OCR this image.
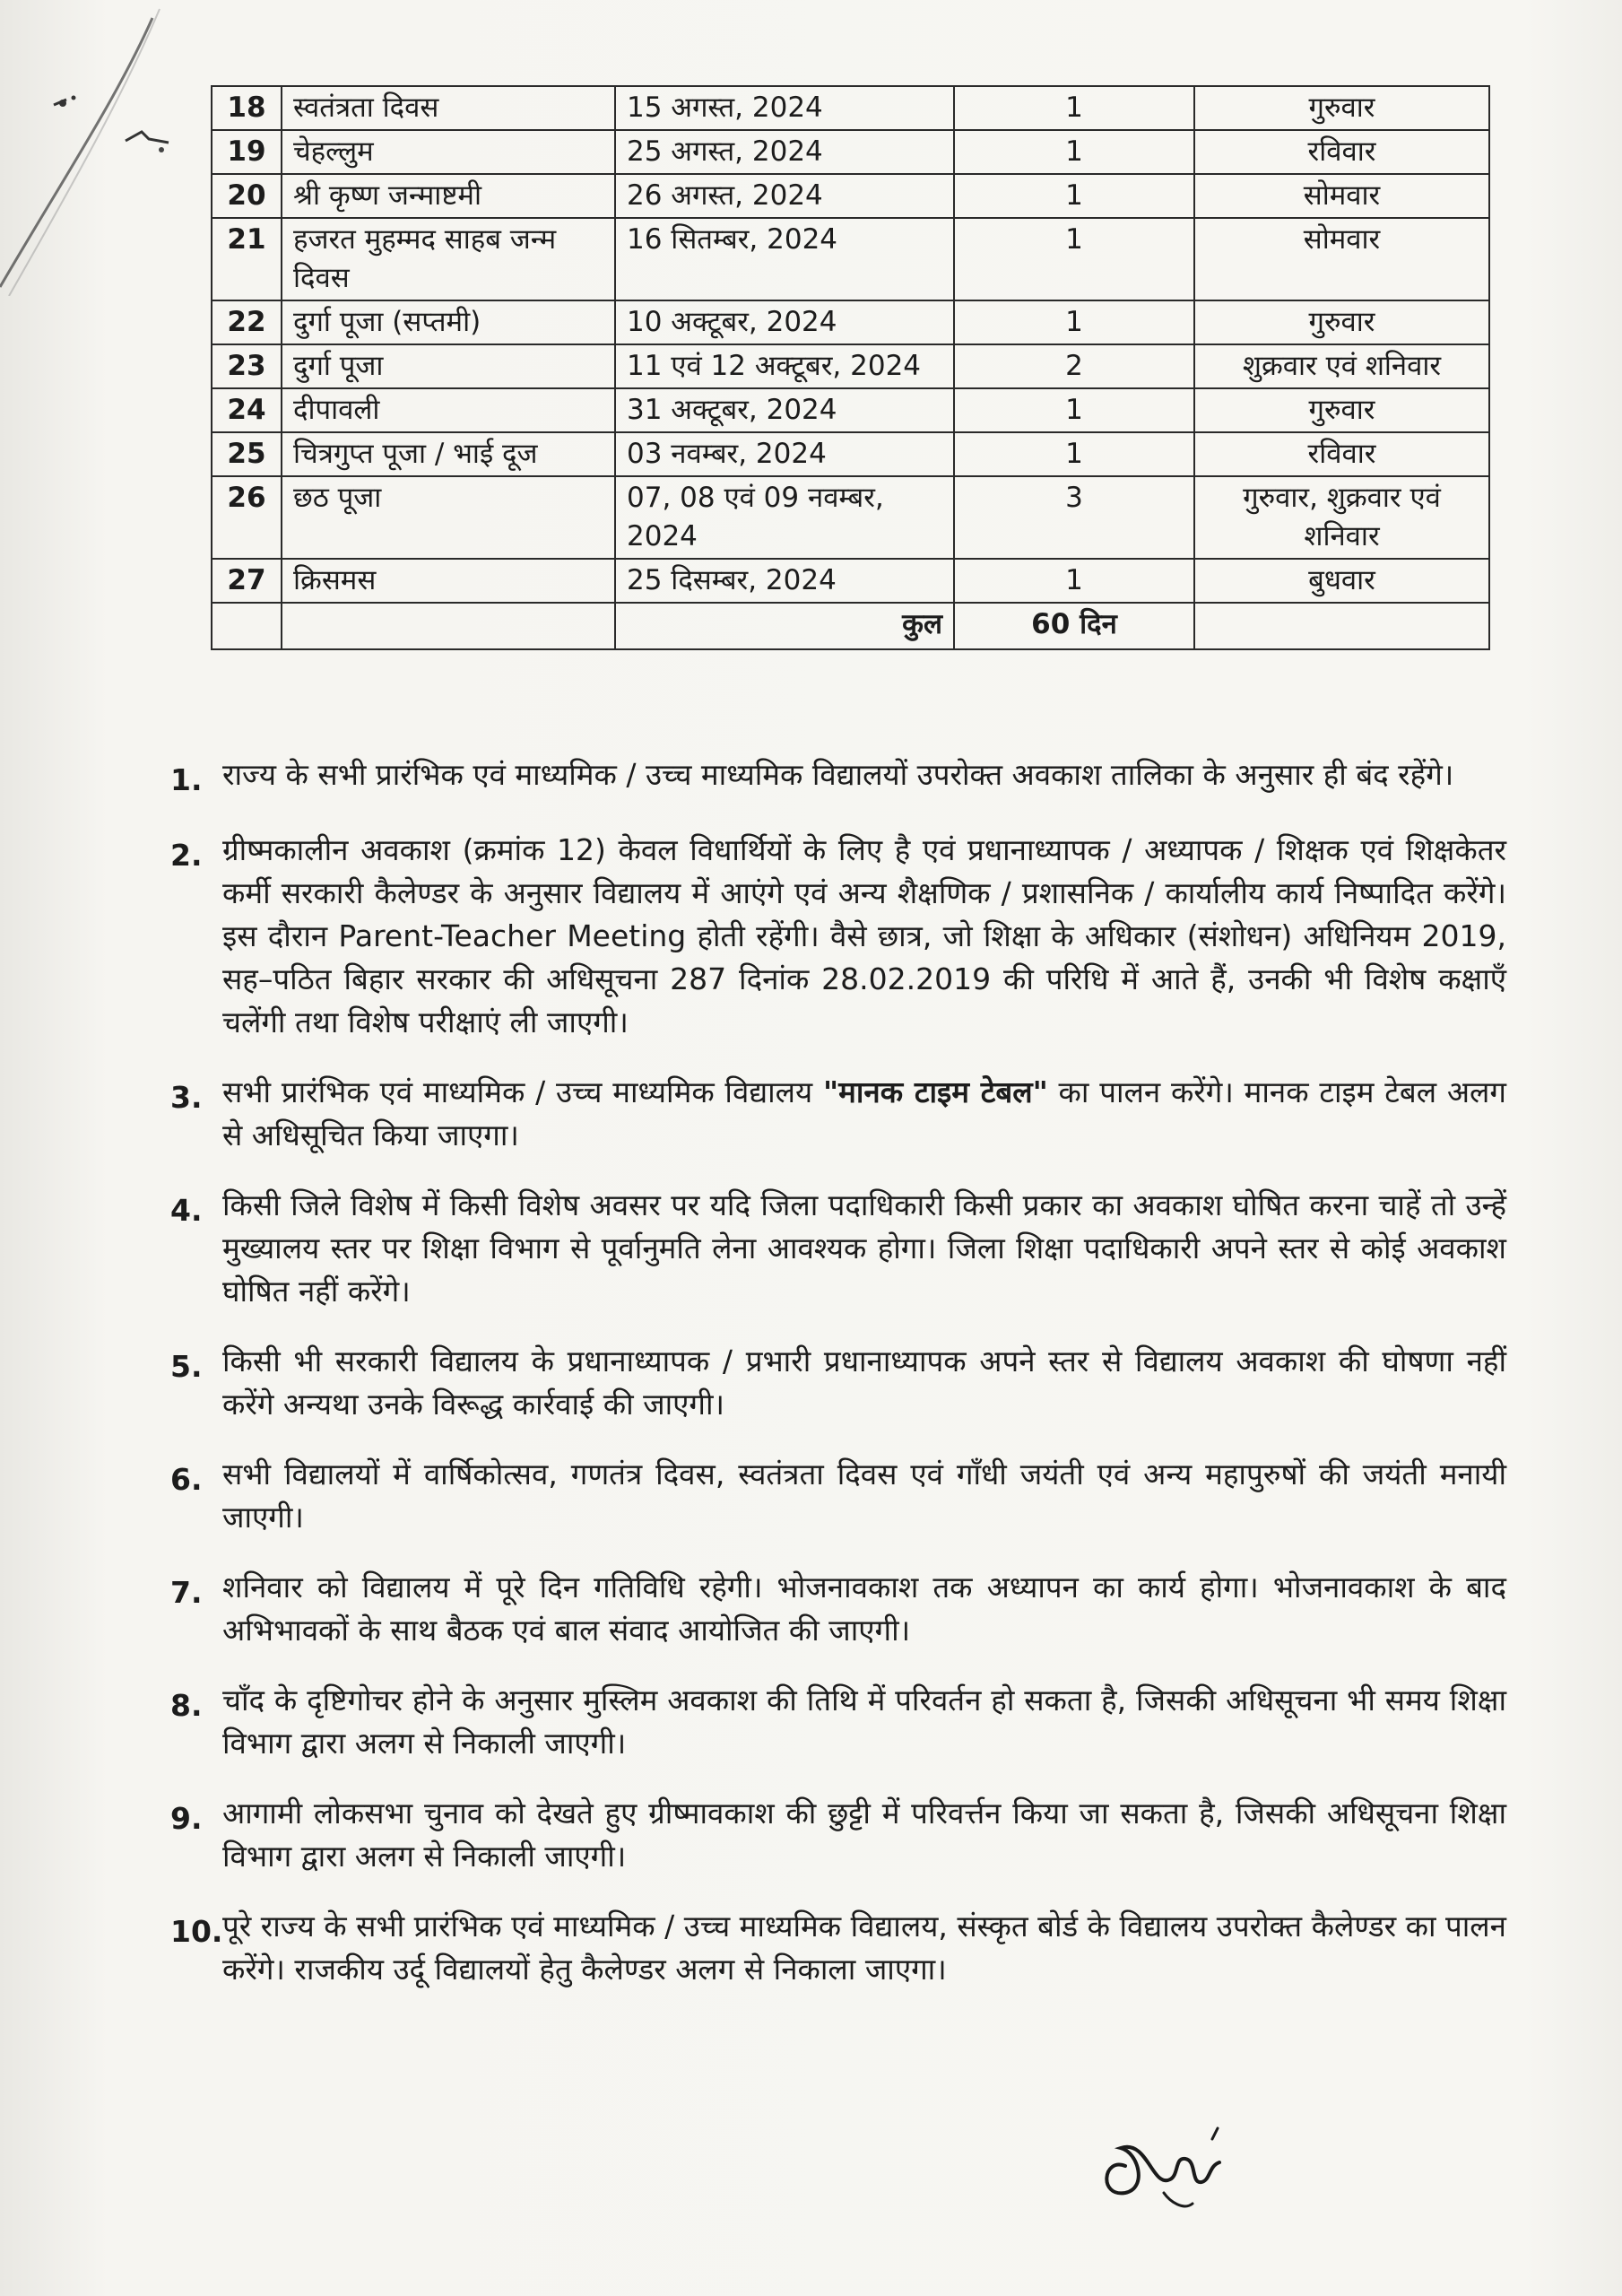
18	स्वतंत्रता दिवस	15 अगस्त, 2024	1	गुरुवार
19	चेहल्लुम	25 अगस्त, 2024	1	रविवार
20	श्री कृष्ण जन्माष्टमी	26 अगस्त, 2024	1	सोमवार
21	हजरत मुहम्मद साहब जन्म दिवस	16 सितम्बर, 2024	1	सोमवार
22	दुर्गा पूजा (सप्तमी)	10 अक्टूबर, 2024	1	गुरुवार
23	दुर्गा पूजा	11 एवं 12 अक्टूबर, 2024	2	शुक्रवार एवं शनिवार
24	दीपावली	31 अक्टूबर, 2024	1	गुरुवार
25	चित्रगुप्त पूजा / भाई दूज	03 नवम्बर, 2024	1	रविवार
26	छठ पूजा	07, 08 एवं 09 नवम्बर, 2024	3	गुरुवार, शुक्रवार एवं शनिवार
27	क्रिसमस	25 दिसम्बर, 2024	1	बुधवार
		कुल	60 दिन	
1. राज्य के सभी प्रारंभिक एवं माध्यमिक / उच्च माध्यमिक विद्यालयों उपरोक्त अवकाश तालिका के अनुसार ही बंद रहेंगे।
2. ग्रीष्मकालीन अवकाश (क्रमांक 12) केवल विधार्थियों के लिए है एवं प्रधानाध्यापक / अध्यापक / शिक्षक एवं शिक्षकेतर कर्मी सरकारी कैलेण्डर के अनुसार विद्यालय में आएंगे एवं अन्य शैक्षणिक / प्रशासनिक / कार्यालीय कार्य निष्पादित करेंगे। इस दौरान Parent-Teacher Meeting होती रहेंगी। वैसे छात्र, जो शिक्षा के अधिकार (संशोधन) अधिनियम 2019, सह–पठित बिहार सरकार की अधिसूचना 287 दिनांक 28.02.2019 की परिधि में आते हैं, उनकी भी विशेष कक्षाएँ चलेंगी तथा विशेष परीक्षाएं ली जाएगी।
3. सभी प्रारंभिक एवं माध्यमिक / उच्च माध्यमिक विद्यालय "मानक टाइम टेबल" का पालन करेंगे। मानक टाइम टेबल अलग से अधिसूचित किया जाएगा।
4. किसी जिले विशेष में किसी विशेष अवसर पर यदि जिला पदाधिकारी किसी प्रकार का अवकाश घोषित करना चाहें तो उन्हें मुख्यालय स्तर पर शिक्षा विभाग से पूर्वानुमति लेना आवश्यक होगा। जिला शिक्षा पदाधिकारी अपने स्तर से कोई अवकाश घोषित नहीं करेंगे।
5. किसी भी सरकारी विद्यालय के प्रधानाध्यापक / प्रभारी प्रधानाध्यापक अपने स्तर से विद्यालय अवकाश की घोषणा नहीं करेंगे अन्यथा उनके विरूद्ध कार्रवाई की जाएगी।
6. सभी विद्यालयों में वार्षिकोत्सव, गणतंत्र दिवस, स्वतंत्रता दिवस एवं गाँधी जयंती एवं अन्य महापुरुषों की जयंती मनायी जाएगी।
7. शनिवार को विद्यालय में पूरे दिन गतिविधि रहेगी। भोजनावकाश तक अध्यापन का कार्य होगा। भोजनावकाश के बाद अभिभावकों के साथ बैठक एवं बाल संवाद आयोजित की जाएगी।
8. चाँद के दृष्टिगोचर होने के अनुसार मुस्लिम अवकाश की तिथि में परिवर्तन हो सकता है, जिसकी अधिसूचना भी समय शिक्षा विभाग द्वारा अलग से निकाली जाएगी।
9. आगामी लोकसभा चुनाव को देखते हुए ग्रीष्मावकाश की छुट्टी में परिवर्त्तन किया जा सकता है, जिसकी अधिसूचना शिक्षा विभाग द्वारा अलग से निकाली जाएगी।
10. पूरे राज्य के सभी प्रारंभिक एवं माध्यमिक / उच्च माध्यमिक विद्यालय, संस्कृत बोर्ड के विद्यालय उपरोक्त कैलेण्डर का पालन करेंगे। राजकीय उर्दू विद्यालयों हेतु कैलेण्डर अलग से निकाला जाएगा।
